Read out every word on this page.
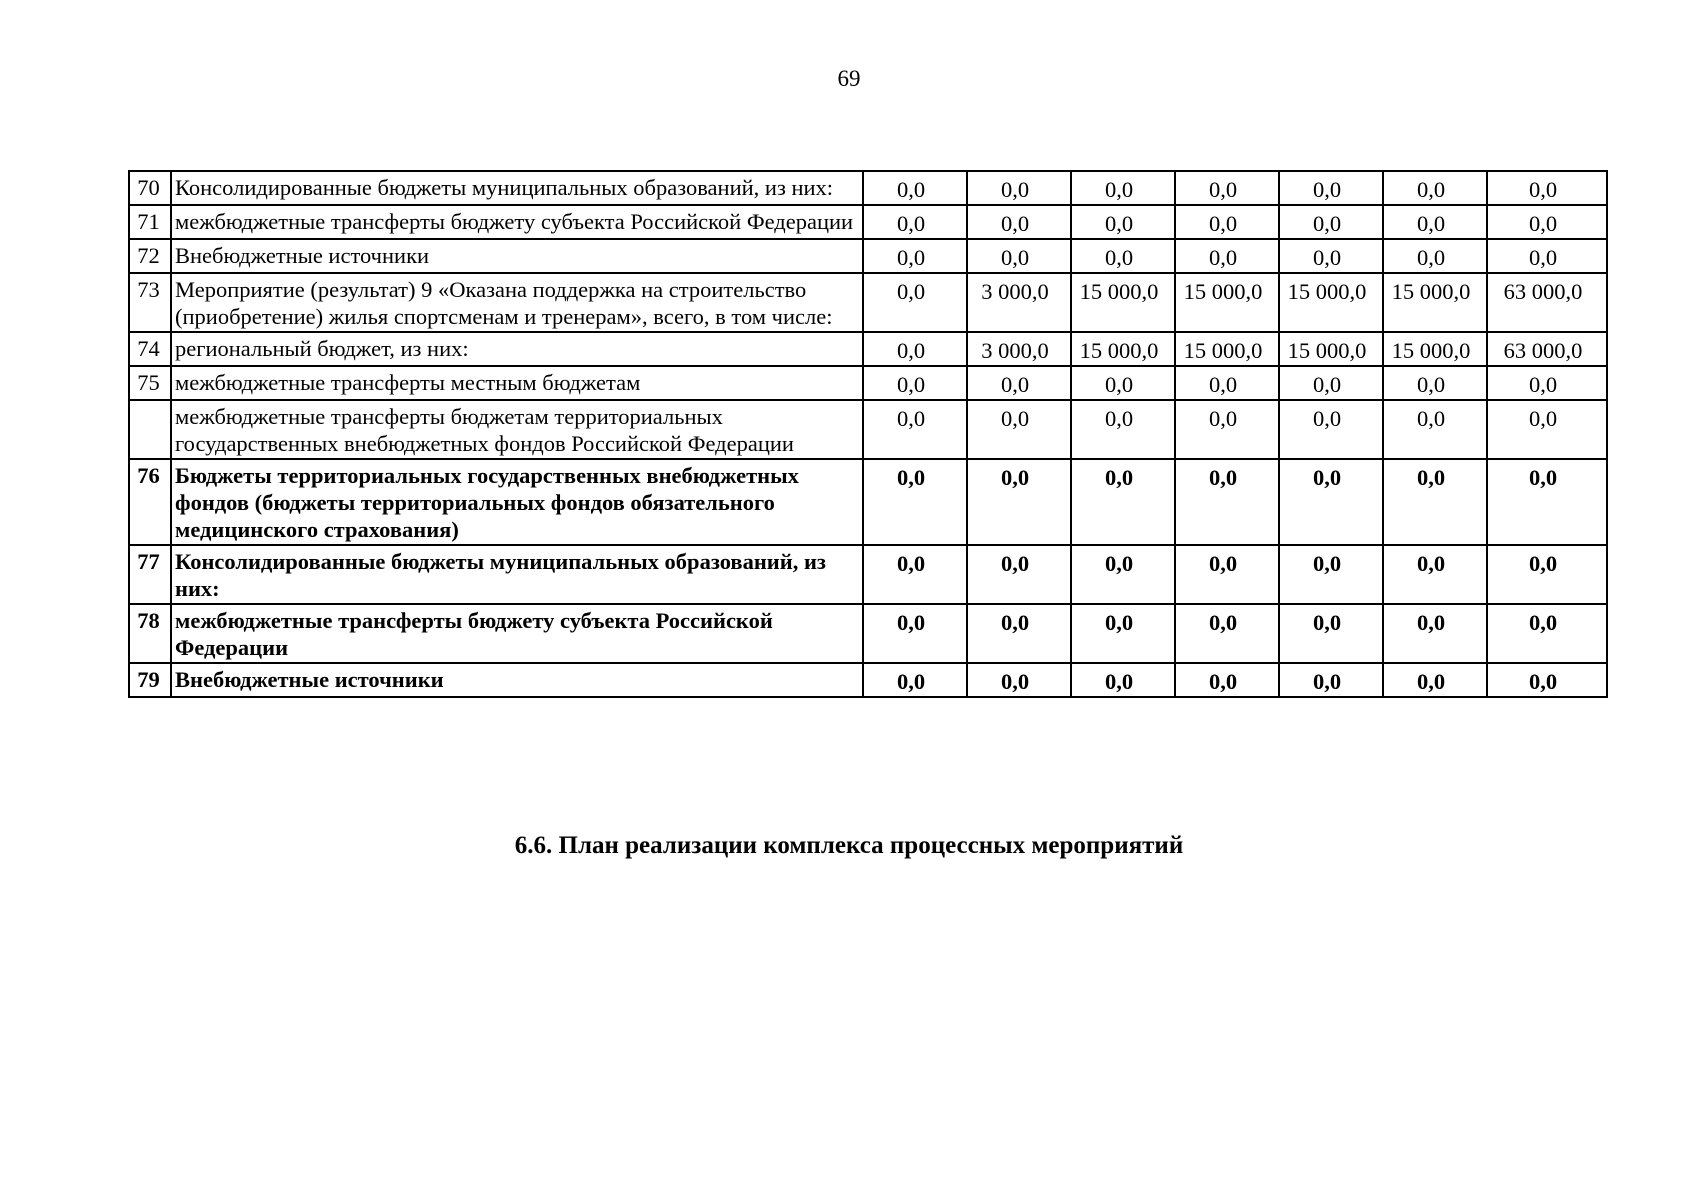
69
70	Консолидированные бюджеты муниципальных образований, из них:	0,0	0,0	0,0	0,0	0,0	0,0	0,0
71	межбюджетные трансферты бюджету субъекта Российской Федерации	0,0	0,0	0,0	0,0	0,0	0,0	0,0
72	Внебюджетные источники	0,0	0,0	0,0	0,0	0,0	0,0	0,0
73	Мероприятие (результат) 9 «Оказана поддержка на строительство (приобретение) жилья спортсменам и тренерам», всего, в том числе:	0,0	3 000,0	15 000,0	15 000,0	15 000,0	15 000,0	63 000,0
74	региональный бюджет, из них:	0,0	3 000,0	15 000,0	15 000,0	15 000,0	15 000,0	63 000,0
75	межбюджетные трансферты местным бюджетам	0,0	0,0	0,0	0,0	0,0	0,0	0,0
	межбюджетные трансферты бюджетам территориальных государственных внебюджетных фондов Российской Федерации	0,0	0,0	0,0	0,0	0,0	0,0	0,0
76	Бюджеты территориальных государственных внебюджетных фондов (бюджеты территориальных фондов обязательного медицинского страхования)	0,0	0,0	0,0	0,0	0,0	0,0	0,0
77	Консолидированные бюджеты муниципальных образований, из них:	0,0	0,0	0,0	0,0	0,0	0,0	0,0
78	межбюджетные трансферты бюджету субъекта Российской Федерации	0,0	0,0	0,0	0,0	0,0	0,0	0,0
79	Внебюджетные источники	0,0	0,0	0,0	0,0	0,0	0,0	0,0
6.6. План реализации комплекса процессных мероприятий
